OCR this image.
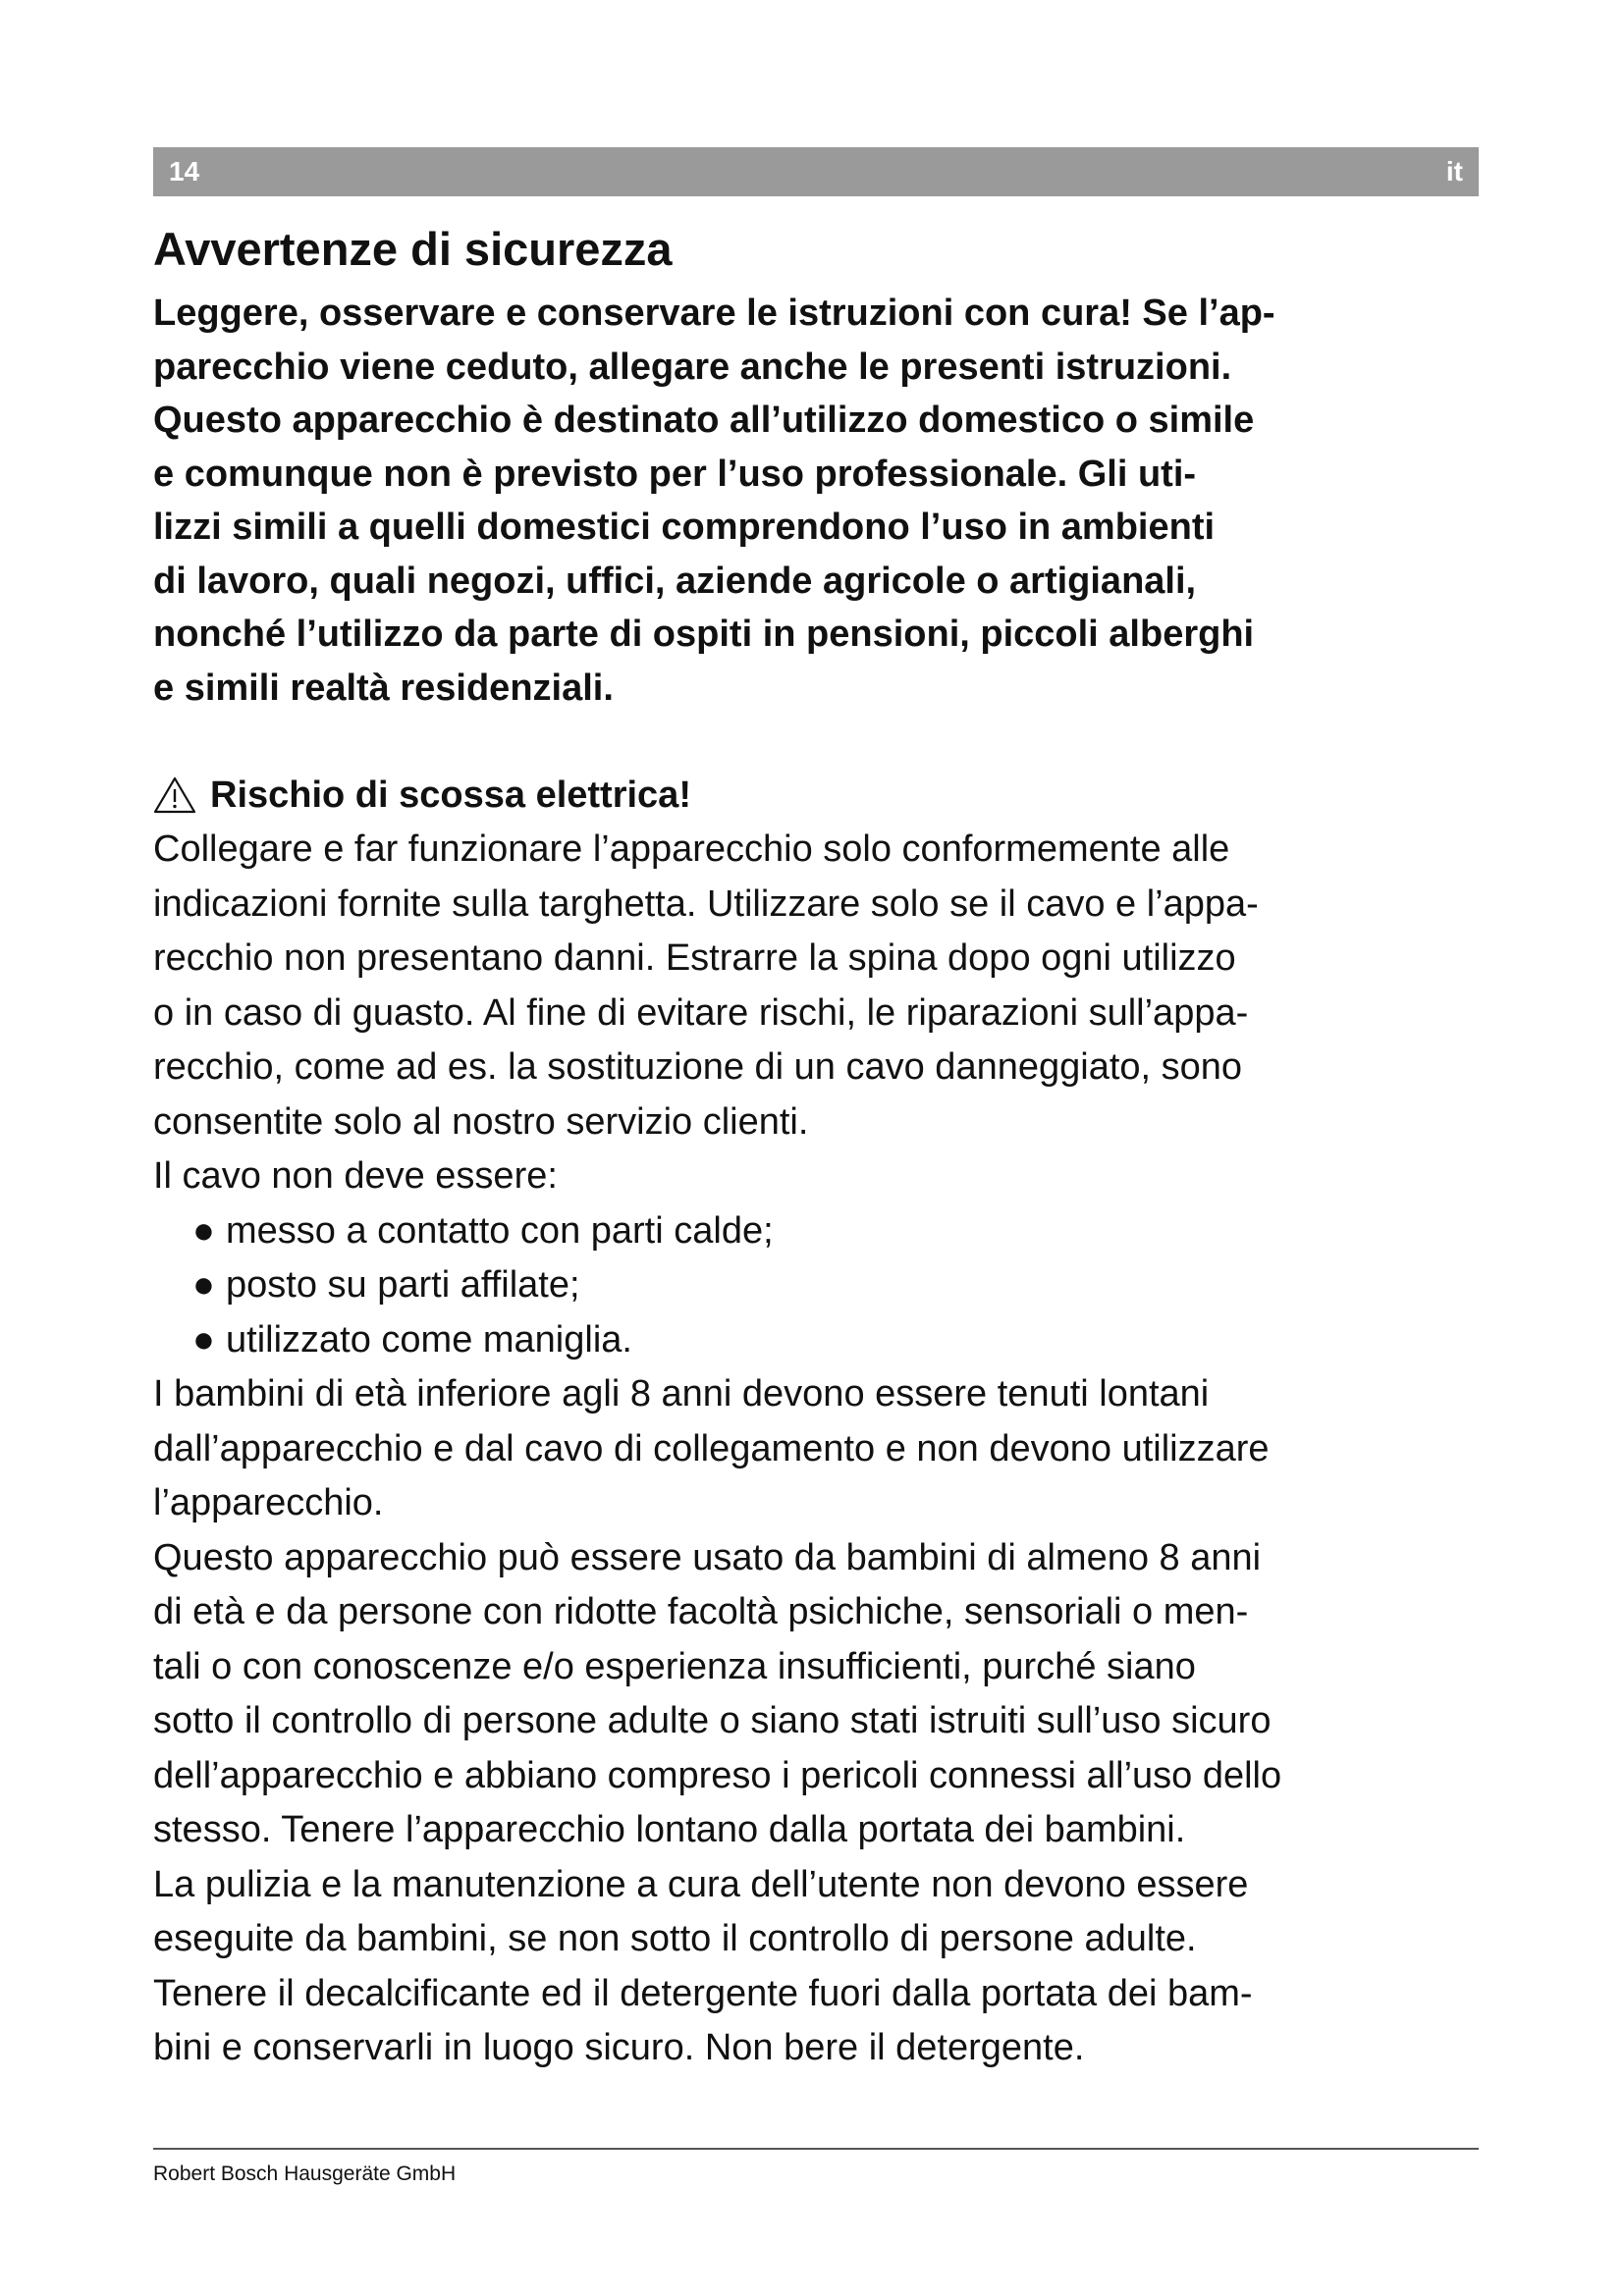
14	it
Avvertenze di sicurezza
Leggere, osservare e conservare le istruzioni con cura! Se l’ap-
parecchio viene ceduto, allegare anche le presenti istruzioni.
Questo apparecchio è destinato all’utilizzo domestico o simile
e comunque non è previsto per l’uso professionale. Gli uti-
lizzi simili a quelli domestici comprendono l’uso in ambienti
di lavoro, quali negozi, uffici, aziende agricole o artigianali,
nonché l’utilizzo da parte di ospiti in pensioni, piccoli alberghi
e simili realtà residenziali.
Rischio di scossa elettrica!
Collegare e far funzionare l’apparecchio solo conformemente alle
indicazioni fornite sulla targhetta. Utilizzare solo se il cavo e l’appa-
recchio non presentano danni. Estrarre la spina dopo ogni utilizzo
o in caso di guasto. Al fine di evitare rischi, le riparazioni sull’appa-
recchio, come ad es. la sostituzione di un cavo danneggiato, sono
consentite solo al nostro servizio clienti.
Il cavo non deve essere:
● messo a contatto con parti calde;
● posto su parti affilate;
● utilizzato come maniglia.
I bambini di età inferiore agli 8 anni devono essere tenuti lontani
dall’apparecchio e dal cavo di collegamento e non devono utilizzare
l’apparecchio.
Questo apparecchio può essere usato da bambini di almeno 8 anni
di età e da persone con ridotte facoltà psichiche, sensoriali o men-
tali o con conoscenze e/o esperienza insufficienti, purché siano
sotto il controllo di persone adulte o siano stati istruiti sull’uso sicuro
dell’apparecchio e abbiano compreso i pericoli connessi all’uso dello
stesso. Tenere l’apparecchio lontano dalla portata dei bambini.
La pulizia e la manutenzione a cura dell’utente non devono essere
eseguite da bambini, se non sotto il controllo di persone adulte.
Tenere il decalcificante ed il detergente fuori dalla portata dei bam-
bini e conservarli in luogo sicuro. Non bere il detergente.
Robert Bosch Hausgeräte GmbH
